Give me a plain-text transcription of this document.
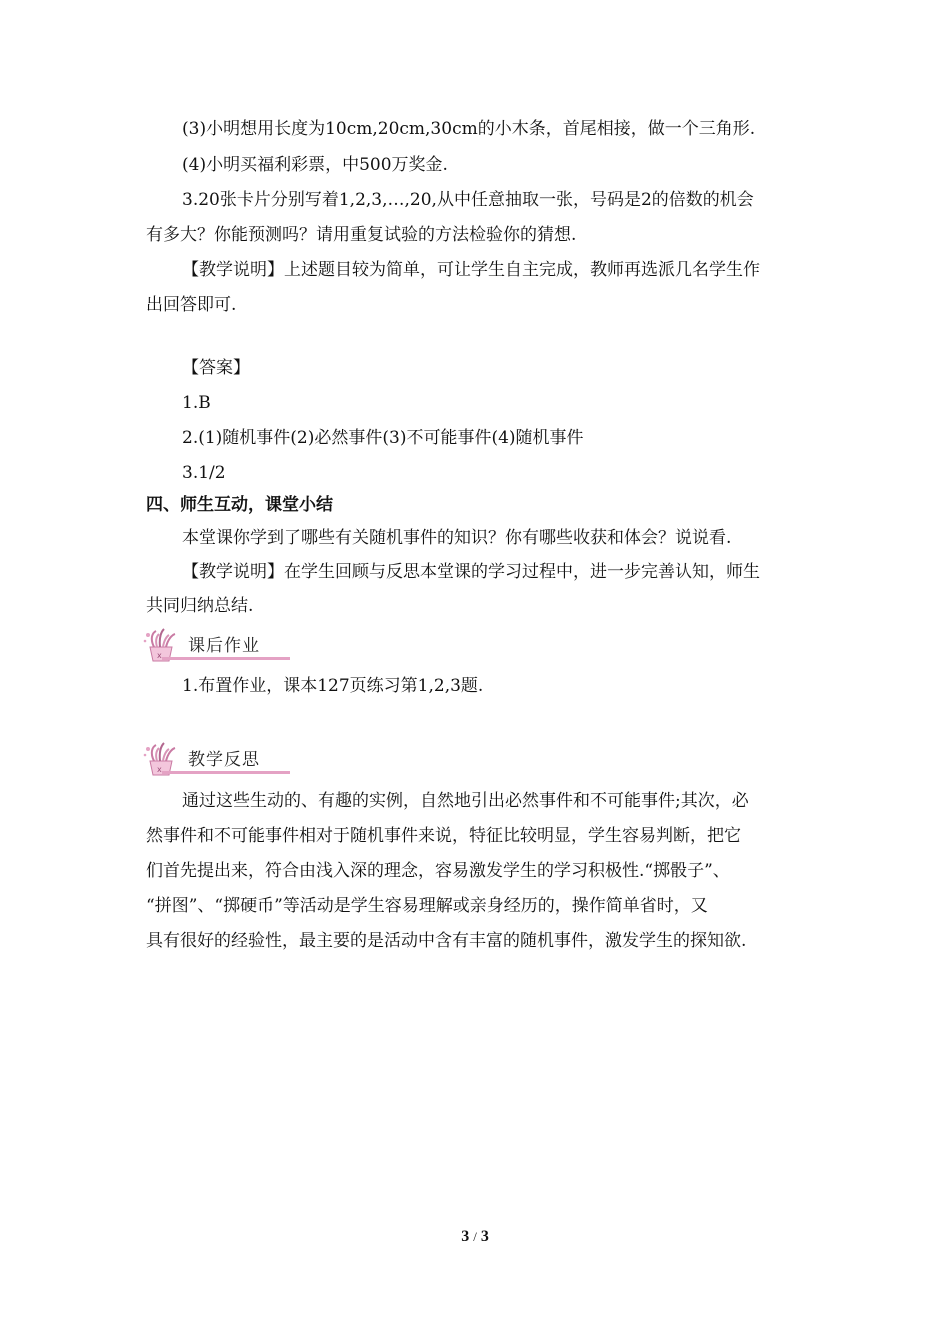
(3)小明想用长度为10cm,20cm,30cm的小木条，首尾相接，做一个三角形.
(4)小明买福利彩票，中500万奖金.
3.20张卡片分别写着1,2,3,…,20,从中任意抽取一张，号码是2的倍数的机会
有多大？你能预测吗？请用重复试验的方法检验你的猜想.
【教学说明】上述题目较为简单，可让学生自主完成，教师再选派几名学生作
出回答即可.
【答案】
1.B
2.(1)随机事件(2)必然事件(3)不可能事件(4)随机事件
3.1/2
四、师生互动，课堂小结
本堂课你学到了哪些有关随机事件的知识？你有哪些收获和体会？说说看.
【教学说明】在学生回顾与反思本堂课的学习过程中，进一步完善认知，师生
共同归纳总结.
x 课后作业
1.布置作业，课本127页练习第1,2,3题.
x 教学反思
通过这些生动的、有趣的实例，自然地引出必然事件和不可能事件;其次，必
然事件和不可能事件相对于随机事件来说，特征比较明显，学生容易判断，把它
们首先提出来，符合由浅入深的理念，容易激发学生的学习积极性.“掷骰子”、
“拼图”、“掷硬币”等活动是学生容易理解或亲身经历的，操作简单省时，又
具有很好的经验性，最主要的是活动中含有丰富的随机事件，激发学生的探知欲.
3 / 3
